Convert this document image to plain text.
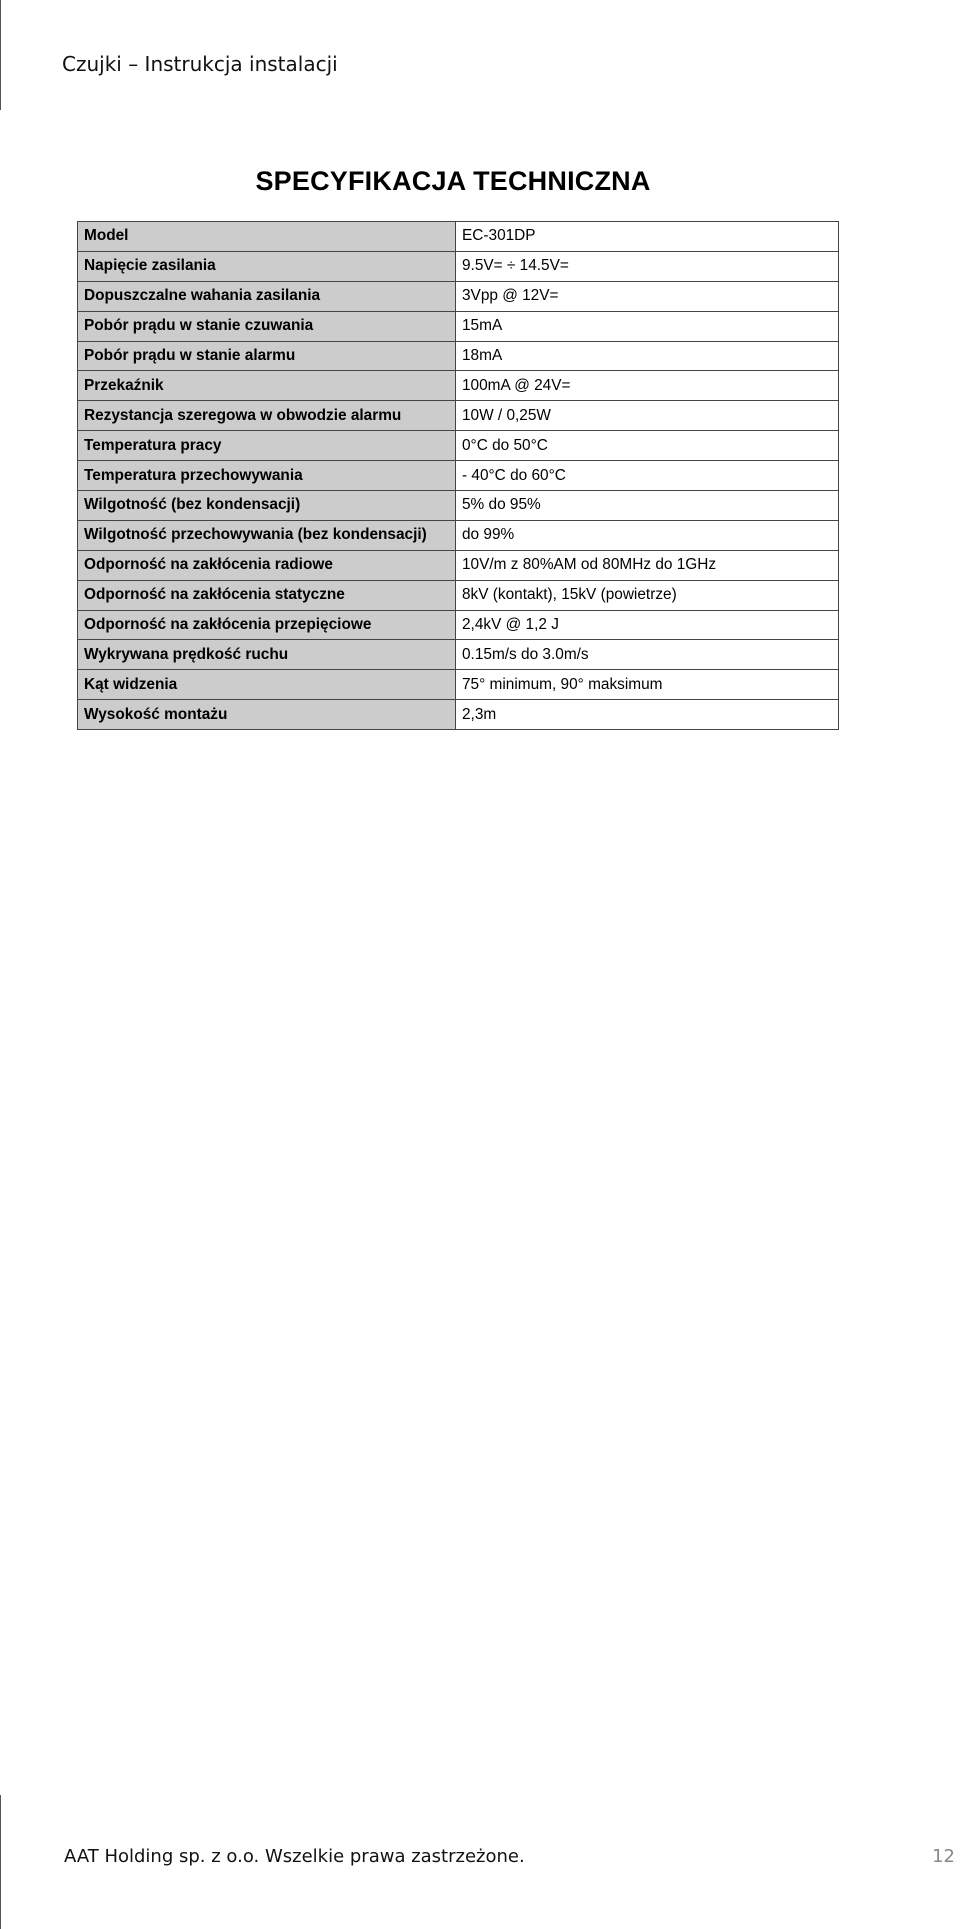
Czujki – Instrukcja instalacji
SPECYFIKACJA TECHNICZNA
Model	EC-301DP
Napięcie zasilania	9.5V= ÷ 14.5V=
Dopuszczalne wahania zasilania	3Vpp @ 12V=
Pobór prądu w stanie czuwania	15mA
Pobór prądu w stanie alarmu	18mA
Przekaźnik	100mA @ 24V=
Rezystancja szeregowa w obwodzie alarmu	10W / 0,25W
Temperatura pracy	0°C do 50°C
Temperatura przechowywania	- 40°C do 60°C
Wilgotność (bez kondensacji)	5% do 95%
Wilgotność przechowywania (bez kondensacji)	do 99%
Odporność na zakłócenia radiowe	10V/m z 80%AM od 80MHz do 1GHz
Odporność na zakłócenia statyczne	8kV (kontakt), 15kV (powietrze)
Odporność na zakłócenia przepięciowe	2,4kV @ 1,2 J
Wykrywana prędkość ruchu	0.15m/s do 3.0m/s
Kąt widzenia	75° minimum, 90° maksimum
Wysokość montażu	2,3m
AAT Holding sp. z o.o. Wszelkie prawa zastrzeżone.	12
